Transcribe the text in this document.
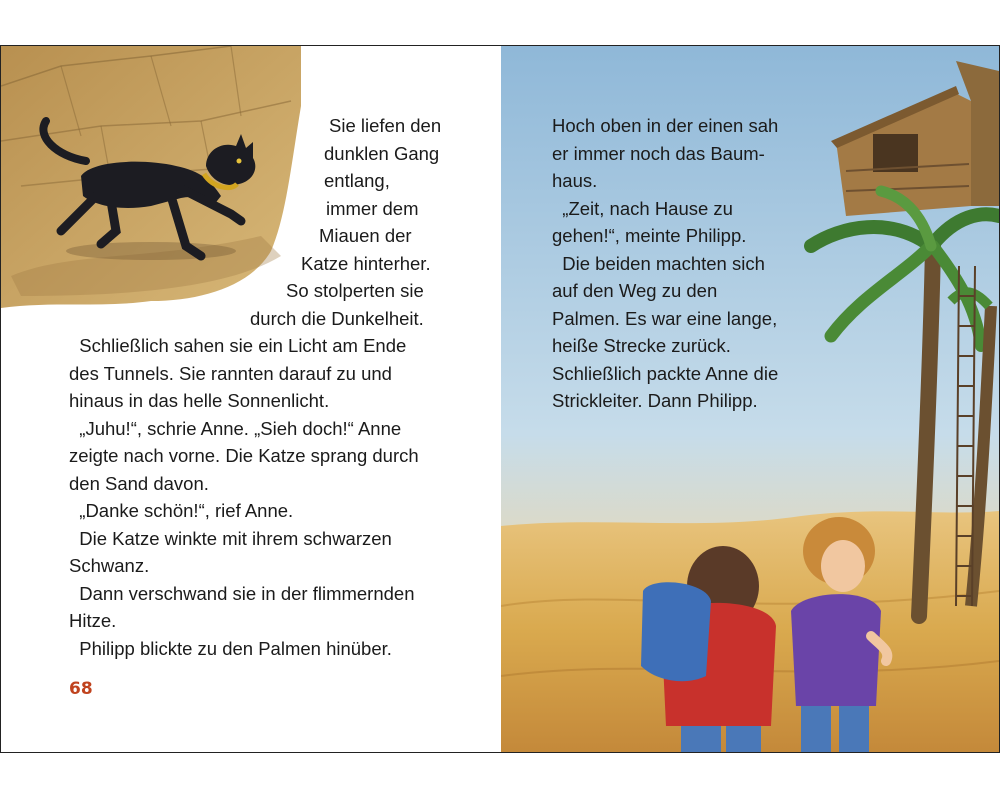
Sie liefen den
dunklen Gang
entlang,
immer dem
Miauen der
Katze hinterher.
So stolperten sie
durch die Dunkelheit.
Schließlich sahen sie ein Licht am Ende
des Tunnels. Sie rannten darauf zu und
hinaus in das helle Sonnenlicht.
„Juhu!“, schrie Anne. „Sieh doch!“ Anne
zeigte nach vorne. Die Katze sprang durch
den Sand davon.
„Danke schön!“, rief Anne.
Die Katze winkte mit ihrem schwarzen
Schwanz.
Dann verschwand sie in der flimmernden
Hitze.
Philipp blickte zu den Palmen hinüber.
68
Hoch oben in der einen sah
er immer noch das Baum-
haus.
„Zeit, nach Hause zu
gehen!“, meinte Philipp.
Die beiden machten sich
auf den Weg zu den
Palmen. Es war eine lange,
heiße Strecke zurück.
Schließlich packte Anne die
Strickleiter. Dann Philipp.
